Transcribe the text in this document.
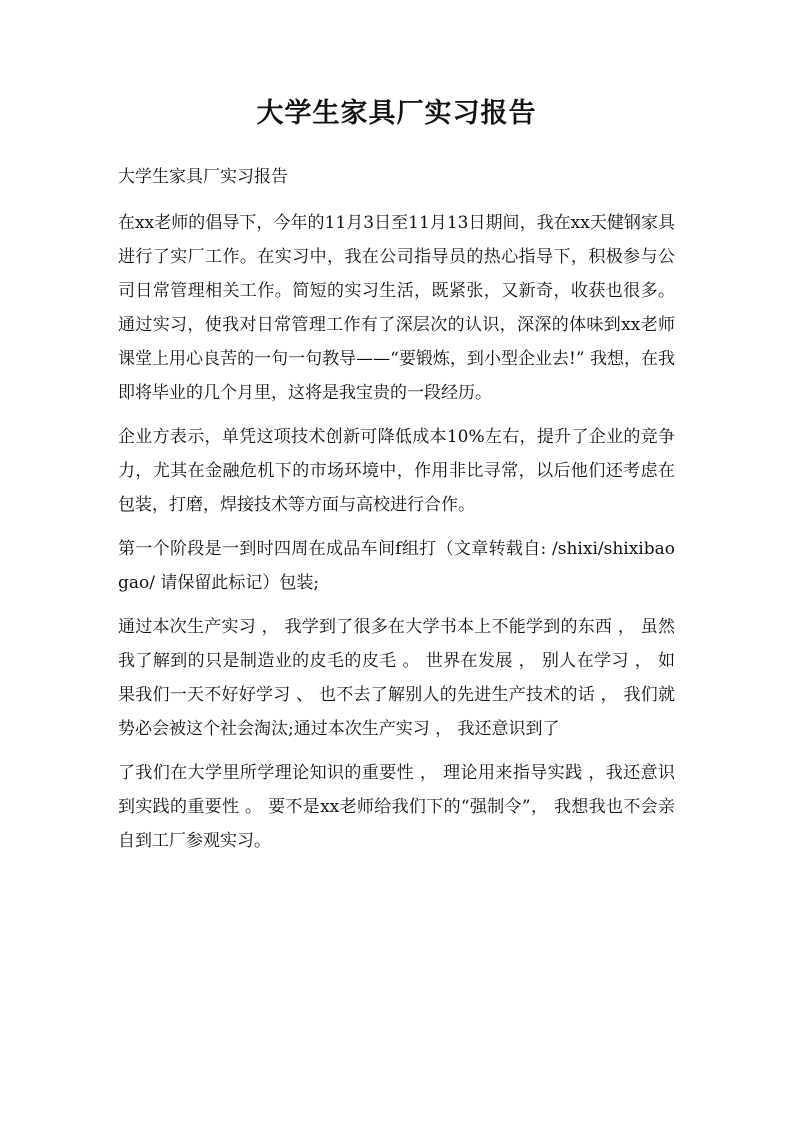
大学生家具厂实习报告

大学生家具厂实习报告

在xx老师的倡导下，今年的11月3日至11月13日期间，我在xx天健钢家具进行了实厂工作。在实习中，我在公司指导员的热心指导下，积极参与公司日常管理相关工作。简短的实习生活，既紧张，又新奇，收获也很多。通过实习，使我对日常管理工作有了深层次的认识，深深的体味到xx老师课堂上用心良苦的一句一句教导——“要锻炼，到小型企业去!” 我想，在我即将毕业的几个月里，这将是我宝贵的一段经历。

企业方表示，单凭这项技术创新可降低成本10%左右，提升了企业的竞争力，尤其在金融危机下的市场环境中，作用非比寻常，以后他们还考虑在包装，打磨，焊接技术等方面与高校进行合作。

第一个阶段是一到时四周在成品车间f组打（文章转载自: /shixi/shixibaogao/ 请保留此标记）包装;

通过本次生产实习 ， 我学到了很多在大学书本上不能学到的东西 ， 虽然我了解到的只是制造业的皮毛的皮毛 。 世界在发展 ， 别人在学习 ， 如果我们一天不好好学习 、 也不去了解别人的先进生产技术的话 ， 我们就势必会被这个社会淘汰;通过本次生产实习 ， 我还意识到了

了我们在大学里所学理论知识的重要性 ， 理论用来指导实践 ，我还意识到实践的重要性 。 要不是xx老师给我们下的“强制令”， 我想我也不会亲自到工厂参观实习。
